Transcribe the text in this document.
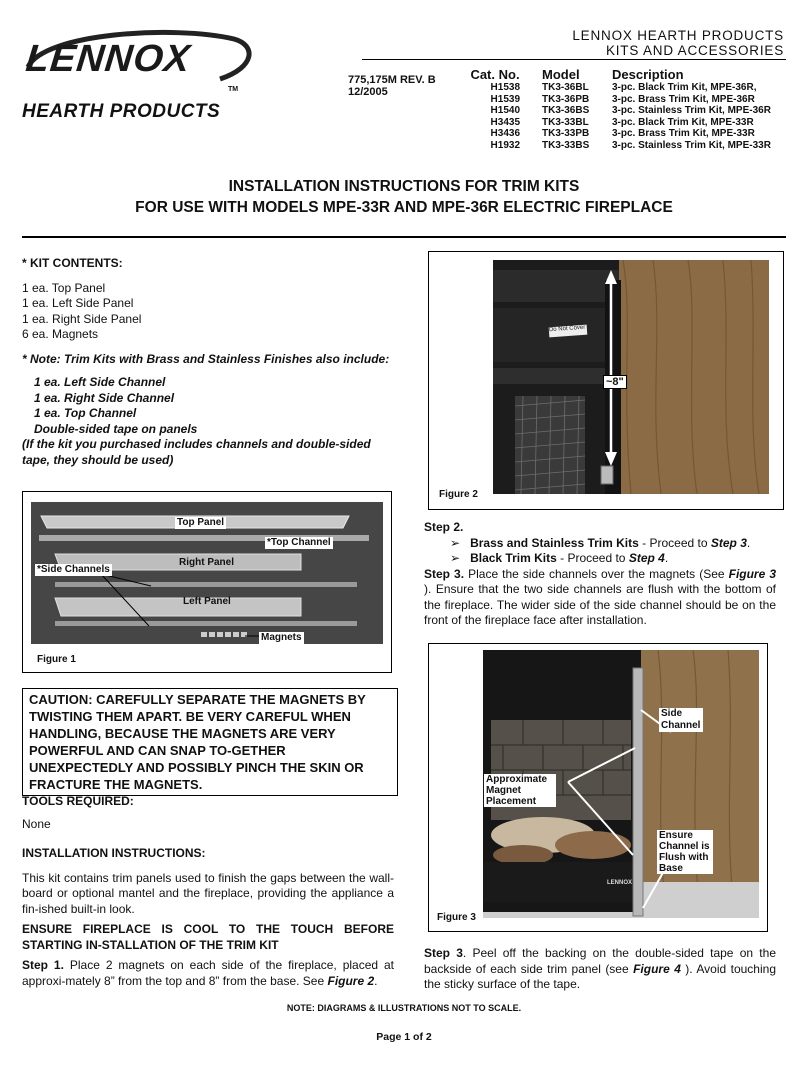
LENNOX
TM
HEARTH PRODUCTS
LENNOX HEARTH PRODUCTS
KITS AND ACCESSORIES
775,175M REV. B
12/2005
Cat. No.	Model	Description
H1538	TK3-36BL	3-pc. Black Trim Kit, MPE-36R,
H1539	TK3-36PB	3-pc. Brass Trim Kit, MPE-36R
H1540	TK3-36BS	3-pc. Stainless Trim Kit, MPE-36R
H3435	TK3-33BL	3-pc. Black Trim Kit, MPE-33R
H3436	TK3-33PB	3-pc. Brass Trim Kit, MPE-33R
H1932	TK3-33BS	3-pc. Stainless Trim Kit, MPE-33R
INSTALLATION INSTRUCTIONS FOR TRIM KITS
FOR USE WITH MODELS MPE-33R AND MPE-36R ELECTRIC FIREPLACE
* KIT CONTENTS:
1 ea. Top Panel
1 ea. Left Side Panel
1 ea. Right Side Panel
6 ea. Magnets
* Note: Trim Kits with Brass and Stainless Finishes also include:
1 ea. Left Side Channel
1 ea. Right Side Channel
1 ea. Top Channel
Double-sided tape on panels
(If the kit you purchased includes channels and double-sided tape, they should be used)
Top Panel
*Top Channel
*Side Channels
Right Panel
Left Panel
Magnets
Figure 1
CAUTION: CAREFULLY SEPARATE THE MAGNETS BY TWISTING THEM APART. BE VERY CAREFUL WHEN HANDLING, BECAUSE THE MAGNETS ARE VERY POWERFUL AND CAN SNAP TO-GETHER UNEXPECTEDLY AND POSSIBLY PINCH THE SKIN OR FRACTURE THE MAGNETS.
TOOLS REQUIRED:
None
INSTALLATION INSTRUCTIONS:
This kit contains trim panels used to finish the gaps between the wall-board or optional mantel and the fireplace, providing the appliance a fin-ished built-in look.
ENSURE FIREPLACE IS COOL TO THE TOUCH BEFORE STARTING IN-STALLATION OF THE TRIM KIT
Step 1. Place 2 magnets on each side of the fireplace, placed at approxi-mately 8” from the top and 8” from the base. See Figure 2.
Do Not Cover
~8"
Figure 2
Step 2.
➢ Brass and Stainless Trim Kits - Proceed to Step 3.
➢ Black Trim Kits - Proceed to Step 4.
Step 3. Place the side channels over the magnets (See Figure 3 ). Ensure that the two side channels are flush with the bottom of the fireplace. The wider side of the side channel should be on the front of the fireplace face after installation.
LENNOX
Side Channel
Approximate Magnet Placement
Ensure Channel is Flush with Base
Figure 3
Step 3. Peel off the backing on the double-sided tape on the backside of each side trim panel (see Figure 4 ). Avoid touching the sticky surface of the tape.
NOTE: DIAGRAMS & ILLUSTRATIONS NOT TO SCALE.
Page 1 of 2
